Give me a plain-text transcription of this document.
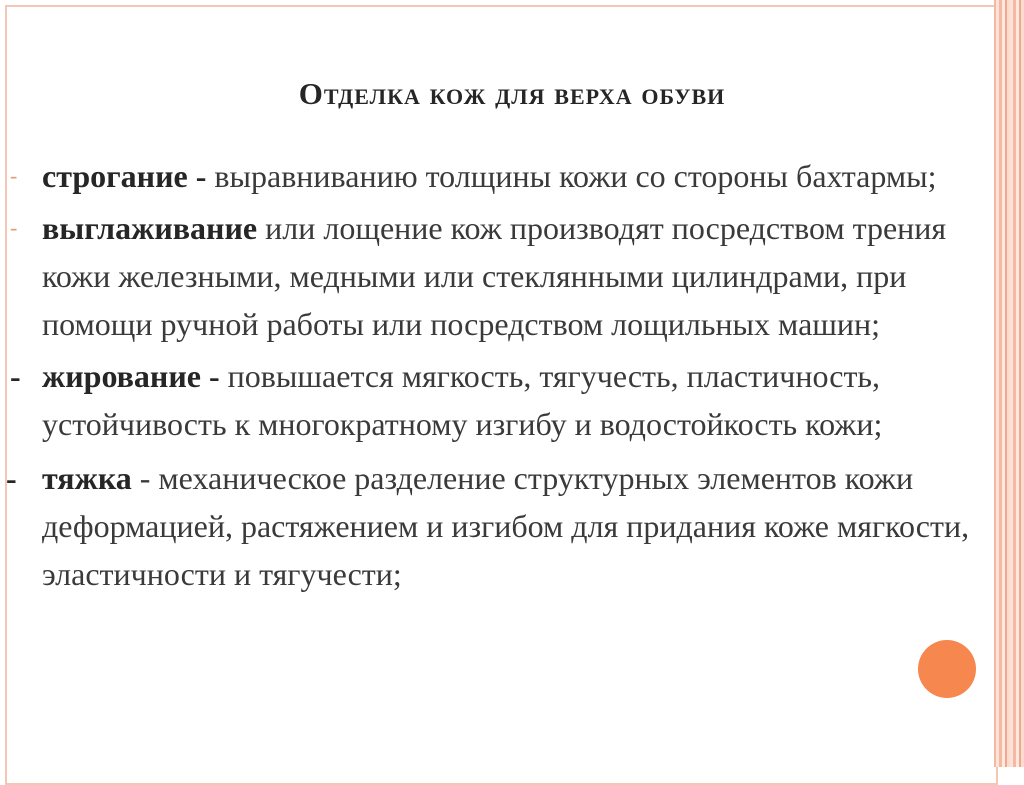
Отделка кож для верха обуви

- строгание - выравниванию толщины кожи со стороны бахтармы;

- выглаживание или лощение кож производят посредством трения кожи железными, медными или стеклянными цилиндрами, при помощи ручной работы или посредством лощильных машин;

- жирование - повышается мягкость, тягучесть, пластичность, устойчивость к многократному изгибу и водостойкость кожи;

- тяжка - механическое разделение структурных элементов кожи деформацией, растяжением и изгибом для придания коже мягкости, эластичности и тягучести;
